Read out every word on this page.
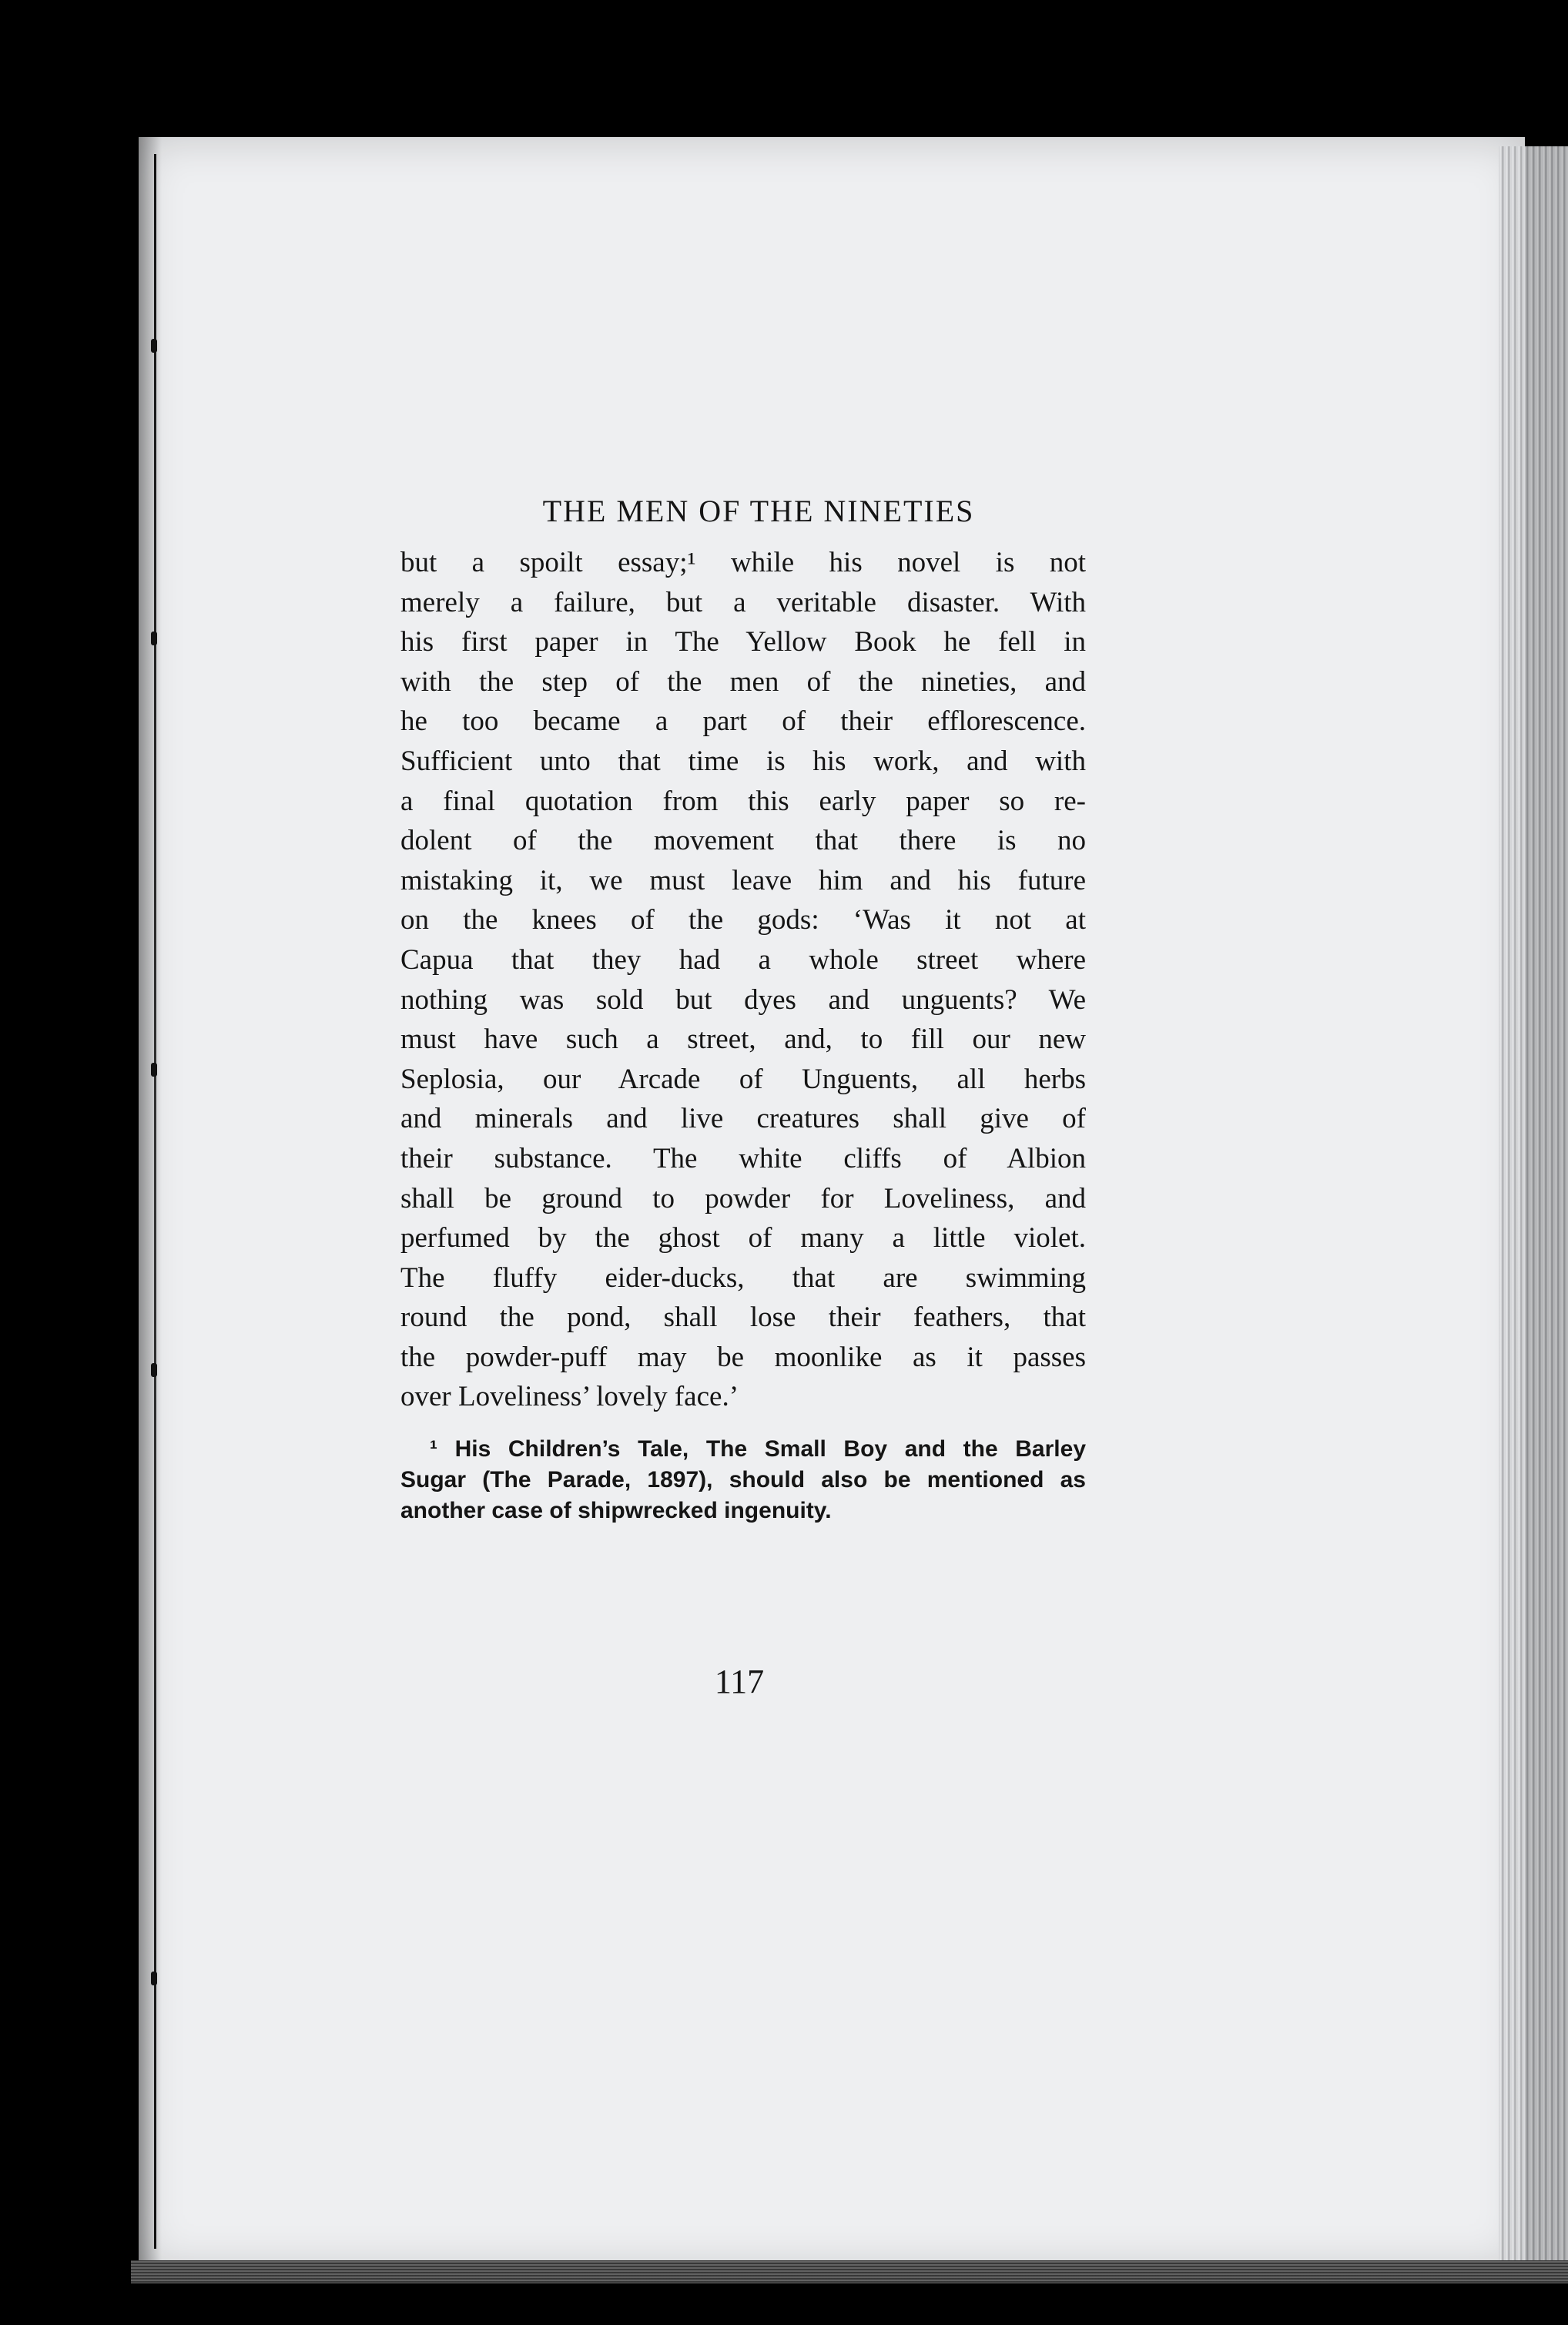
THE MEN OF THE NINETIES
but a spoilt essay;¹ while his novel is not
merely a failure, but a veritable disaster. With
his first paper in The Yellow Book he fell in
with the step of the men of the nineties, and
he too became a part of their efflorescence.
Sufficient unto that time is his work, and with
a final quotation from this early paper so re-
dolent of the movement that there is no
mistaking it, we must leave him and his future
on the knees of the gods: ‘Was it not at
Capua that they had a whole street where
nothing was sold but dyes and unguents? We
must have such a street, and, to fill our new
Seplosia, our Arcade of Unguents, all herbs
and minerals and live creatures shall give of
their substance. The white cliffs of Albion
shall be ground to powder for Loveliness, and
perfumed by the ghost of many a little violet.
The fluffy eider-ducks, that are swimming
round the pond, shall lose their feathers, that
the powder-puff may be moonlike as it passes
over Loveliness’ lovely face.’
¹ His Children’s Tale, The Small Boy and the Barley
Sugar (The Parade, 1897), should also be mentioned as
another case of shipwrecked ingenuity.
117
